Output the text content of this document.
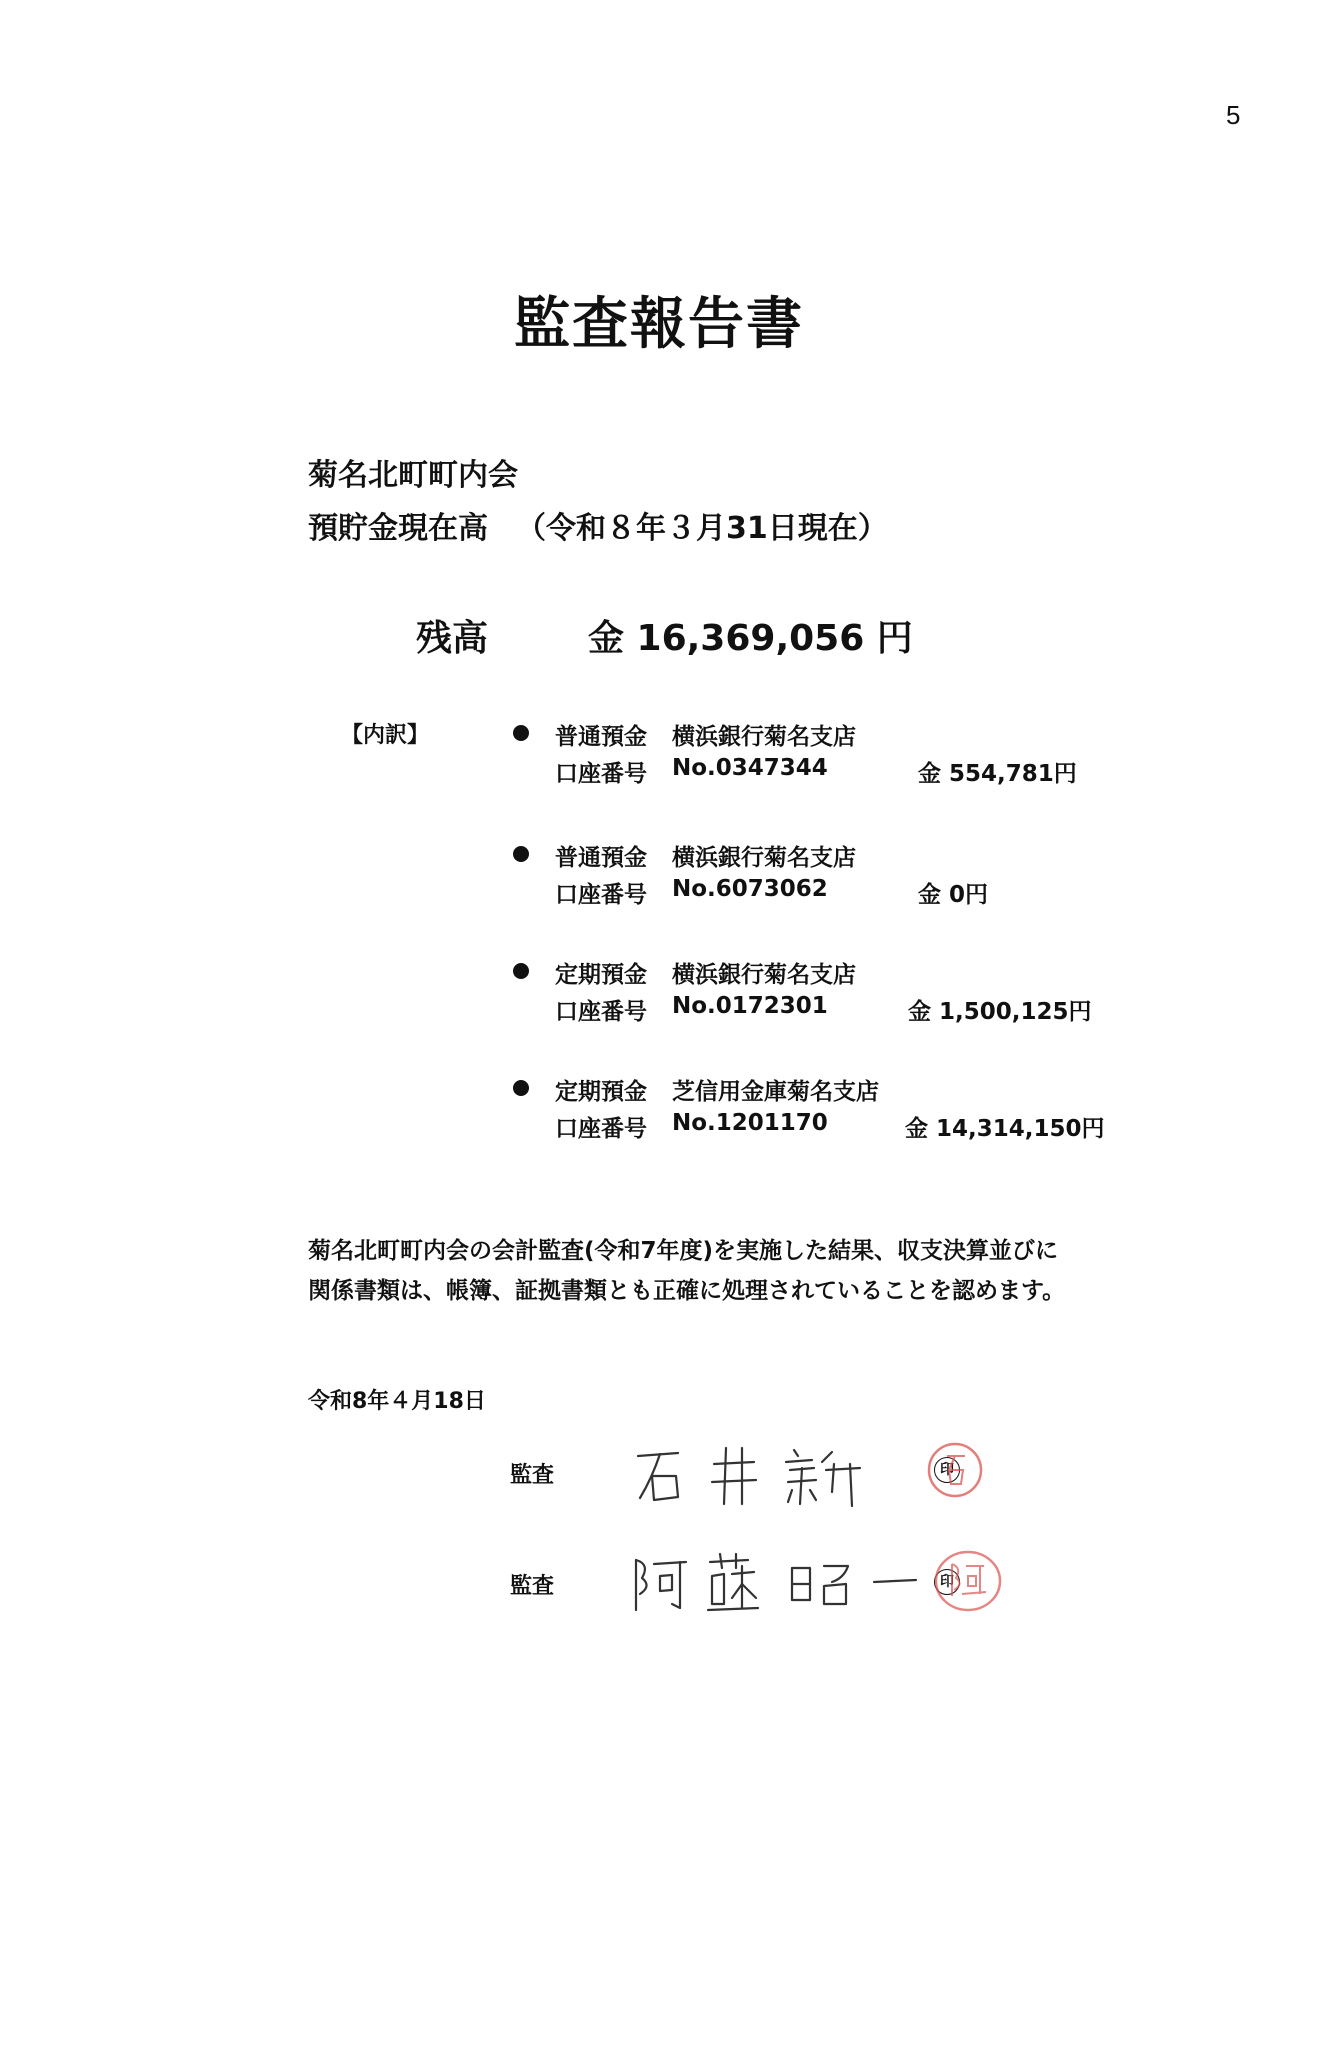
5
監査報告書
菊名北町町内会
預貯金現在高 （令和８年３月31日現在）
残高	金 16,369,056 円
【内訳】	普通預金 横浜銀行菊名支店
口座番号 No.0347344	金 554,781円
普通預金 横浜銀行菊名支店
口座番号 No.6073062	金 0円
定期預金 横浜銀行菊名支店
口座番号 No.0172301	金 1,500,125円
定期預金 芝信用金庫菊名支店
口座番号 No.1201170	金 14,314,150円
菊名北町町内会の会計監査(令和7年度)を実施した結果、収支決算並びに
関係書類は、帳簿、証拠書類とも正確に処理されていることを認めます。
令和8年４月18日
監査	印
監査	印
